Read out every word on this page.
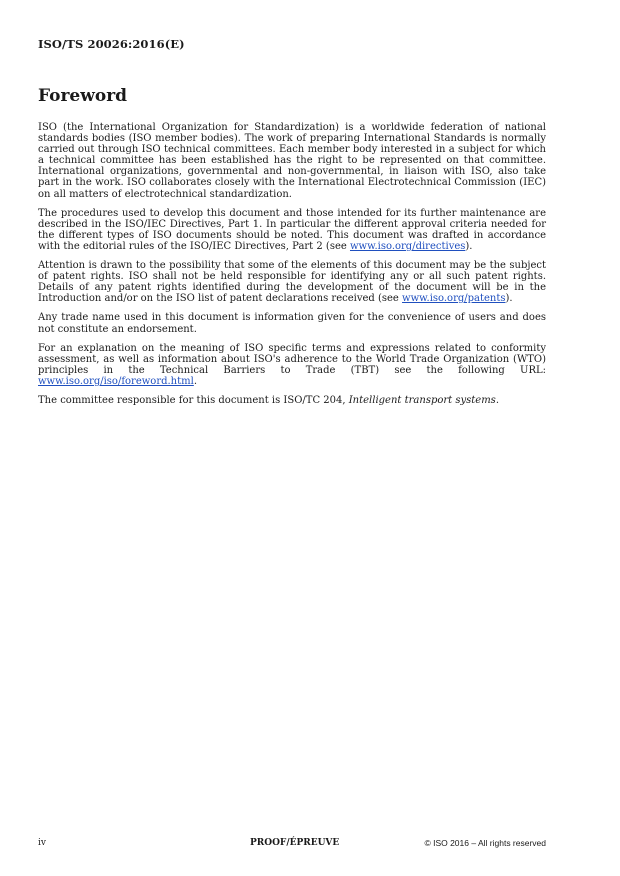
ISO/TS 20026:2016(E)
Foreword

ISO (the International Organization for Standardization) is a worldwide federation of national standards bodies (ISO member bodies). The work of preparing International Standards is normally carried out through ISO technical committees. Each member body interested in a subject for which a technical committee has been established has the right to be represented on that committee. International organizations, governmental and non-governmental, in liaison with ISO, also take part in the work. ISO collaborates closely with the International Electrotechnical Commission (IEC) on all matters of electrotechnical standardization.

The procedures used to develop this document and those intended for its further maintenance are described in the ISO/IEC Directives, Part 1. In particular the different approval criteria needed for the different types of ISO documents should be noted. This document was drafted in accordance with the editorial rules of the ISO/IEC Directives, Part 2 (see www.iso.org/directives).

Attention is drawn to the possibility that some of the elements of this document may be the subject of patent rights. ISO shall not be held responsible for identifying any or all such patent rights. Details of any patent rights identified during the development of the document will be in the Introduction and/or on the ISO list of patent declarations received (see www.iso.org/patents).

Any trade name used in this document is information given for the convenience of users and does not constitute an endorsement.

For an explanation on the meaning of ISO specific terms and expressions related to conformity assessment, as well as information about ISO's adherence to the World Trade Organization (WTO) principles in the Technical Barriers to Trade (TBT) see the following URL: www.iso.org/iso/foreword.html.

The committee responsible for this document is ISO/TC 204, Intelligent transport systems.

iv	PROOF/ÉPREUVE	© ISO 2016 – All rights reserved
